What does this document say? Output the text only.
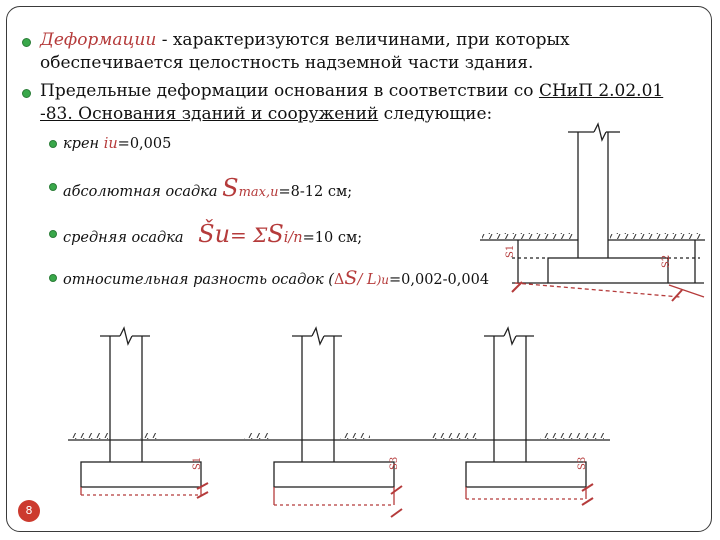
Деформации - характеризуются величинами, при которых
обеспечивается целостность надземной части здания.
Предельные деформации основания в соответствии со СНиП 2.02.01
-83. Основания зданий и сооружений следующие:
крен iu=0,005
абсолютная осадка Smax,u=8-12 см;
средняя осадка Šu= ΣSi/n=10 см;
относительная разность осадок (ΔS/ L)u=0,002-0,004
S1
S2
S1	S3	S3
8
